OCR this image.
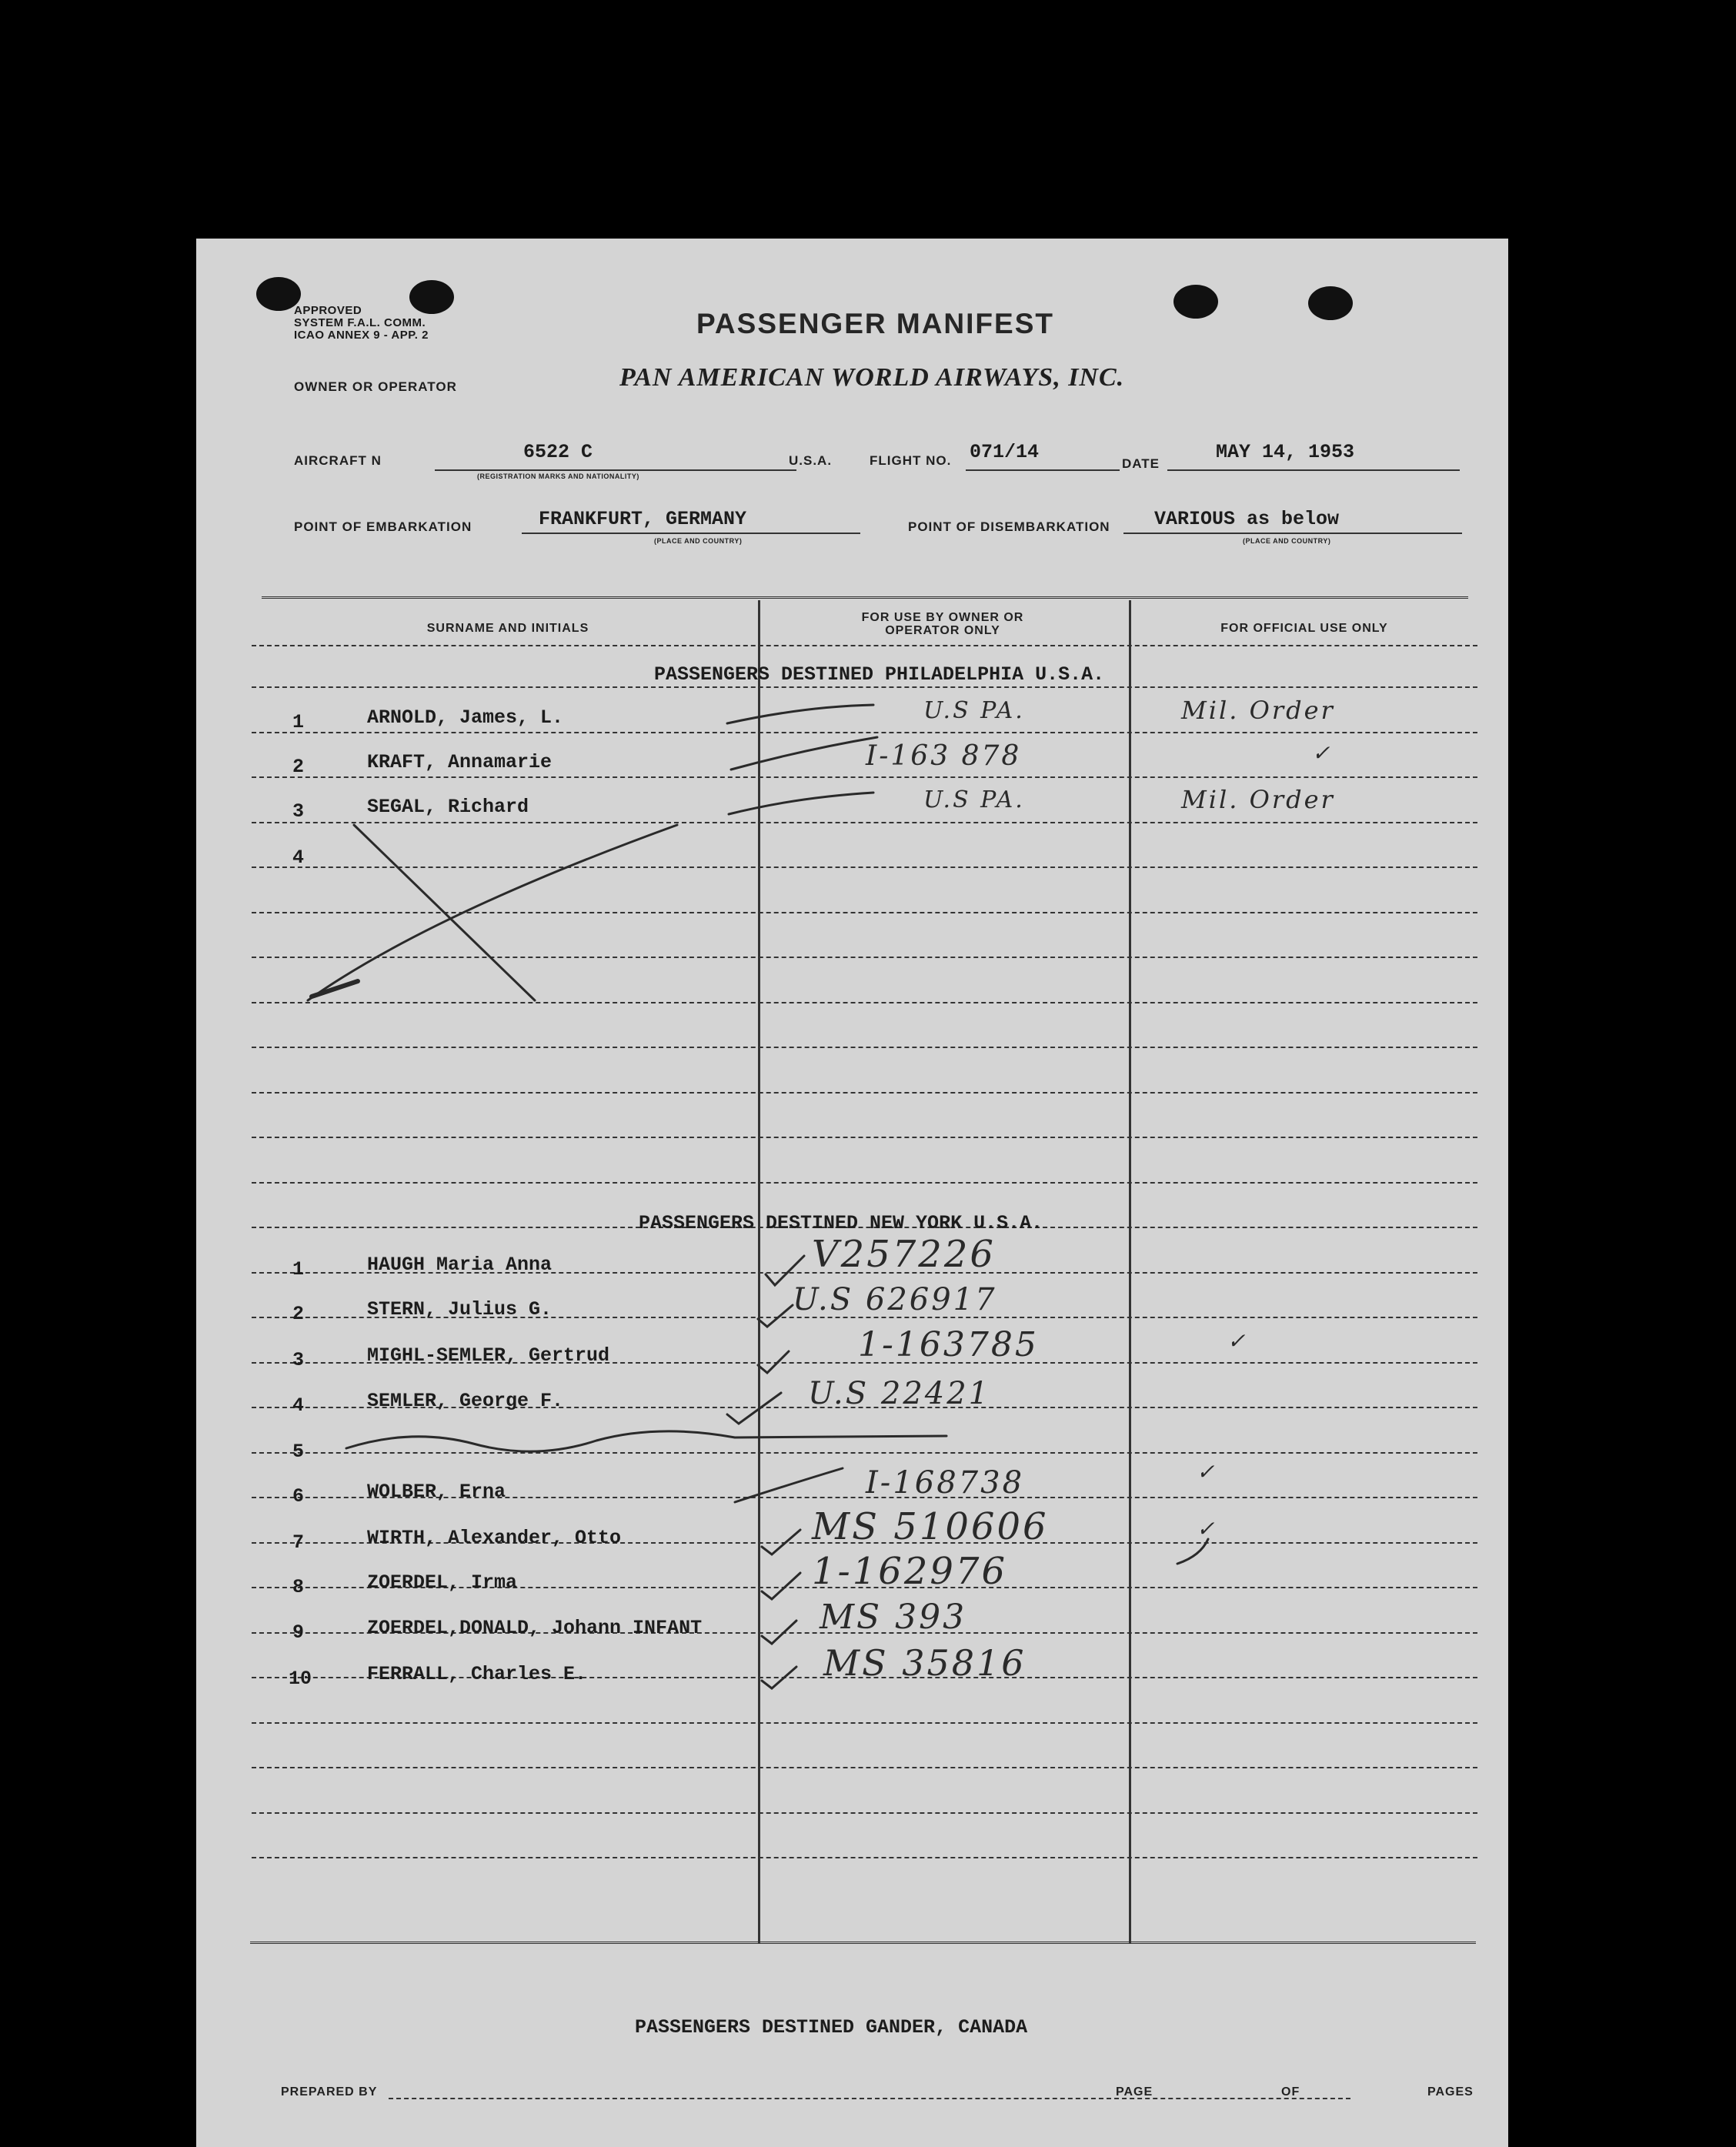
APPROVED
SYSTEM F.A.L. COMM.
ICAO ANNEX 9 - APP. 2	PASSENGER MANIFEST
OWNER OR OPERATOR	PAN AMERICAN WORLD AIRWAYS, INC.
AIRCRAFT N	6522 C
(REGISTRATION MARKS AND NATIONALITY)
U.S.A.	FLIGHT NO. 071/14
DATE
MAY 14, 1953
POINT OF EMBARKATION	FRANKFURT, GERMANY
(PLACE AND COUNTRY)
POINT OF DISEMBARKATION VARIOUS as below
(PLACE AND COUNTRY)
SURNAME AND INITIALS
FOR USE BY OWNER OR OPERATOR ONLY	FOR OFFICIAL USE ONLY
PASSENGERS DESTINED PHILADELPHIA U.S.A.
1	ARNOLD, James, L.	U.S PA.	Mil. Order
2	KRAFT, Annamarie	I-163 878	✓
3	SEGAL, Richard	U.S PA.	Mil. Order
4
PASSENGERS DESTINED NEW YORK U.S.A.
1	HAUGH Maria Anna	V257226
2	STERN, Julius G.	U.S 626917
3	MIGHL-SEMLER, Gertrud	1-163785	✓
4	SEMLER, George F.	U.S 22421
5
6	WOLBER, Erna	I-168738	✓
7	WIRTH, Alexander, Otto	MS 510606	✓
8	ZOERDEL, Irma	1-162976
9	ZOERDEL,DONALD, Johann INFANT	MS 393
10	FERRALL, Charles E.	MS 35816
PASSENGERS DESTINED GANDER, CANADA
PREPARED BY	PAGE	OF	PAGES
